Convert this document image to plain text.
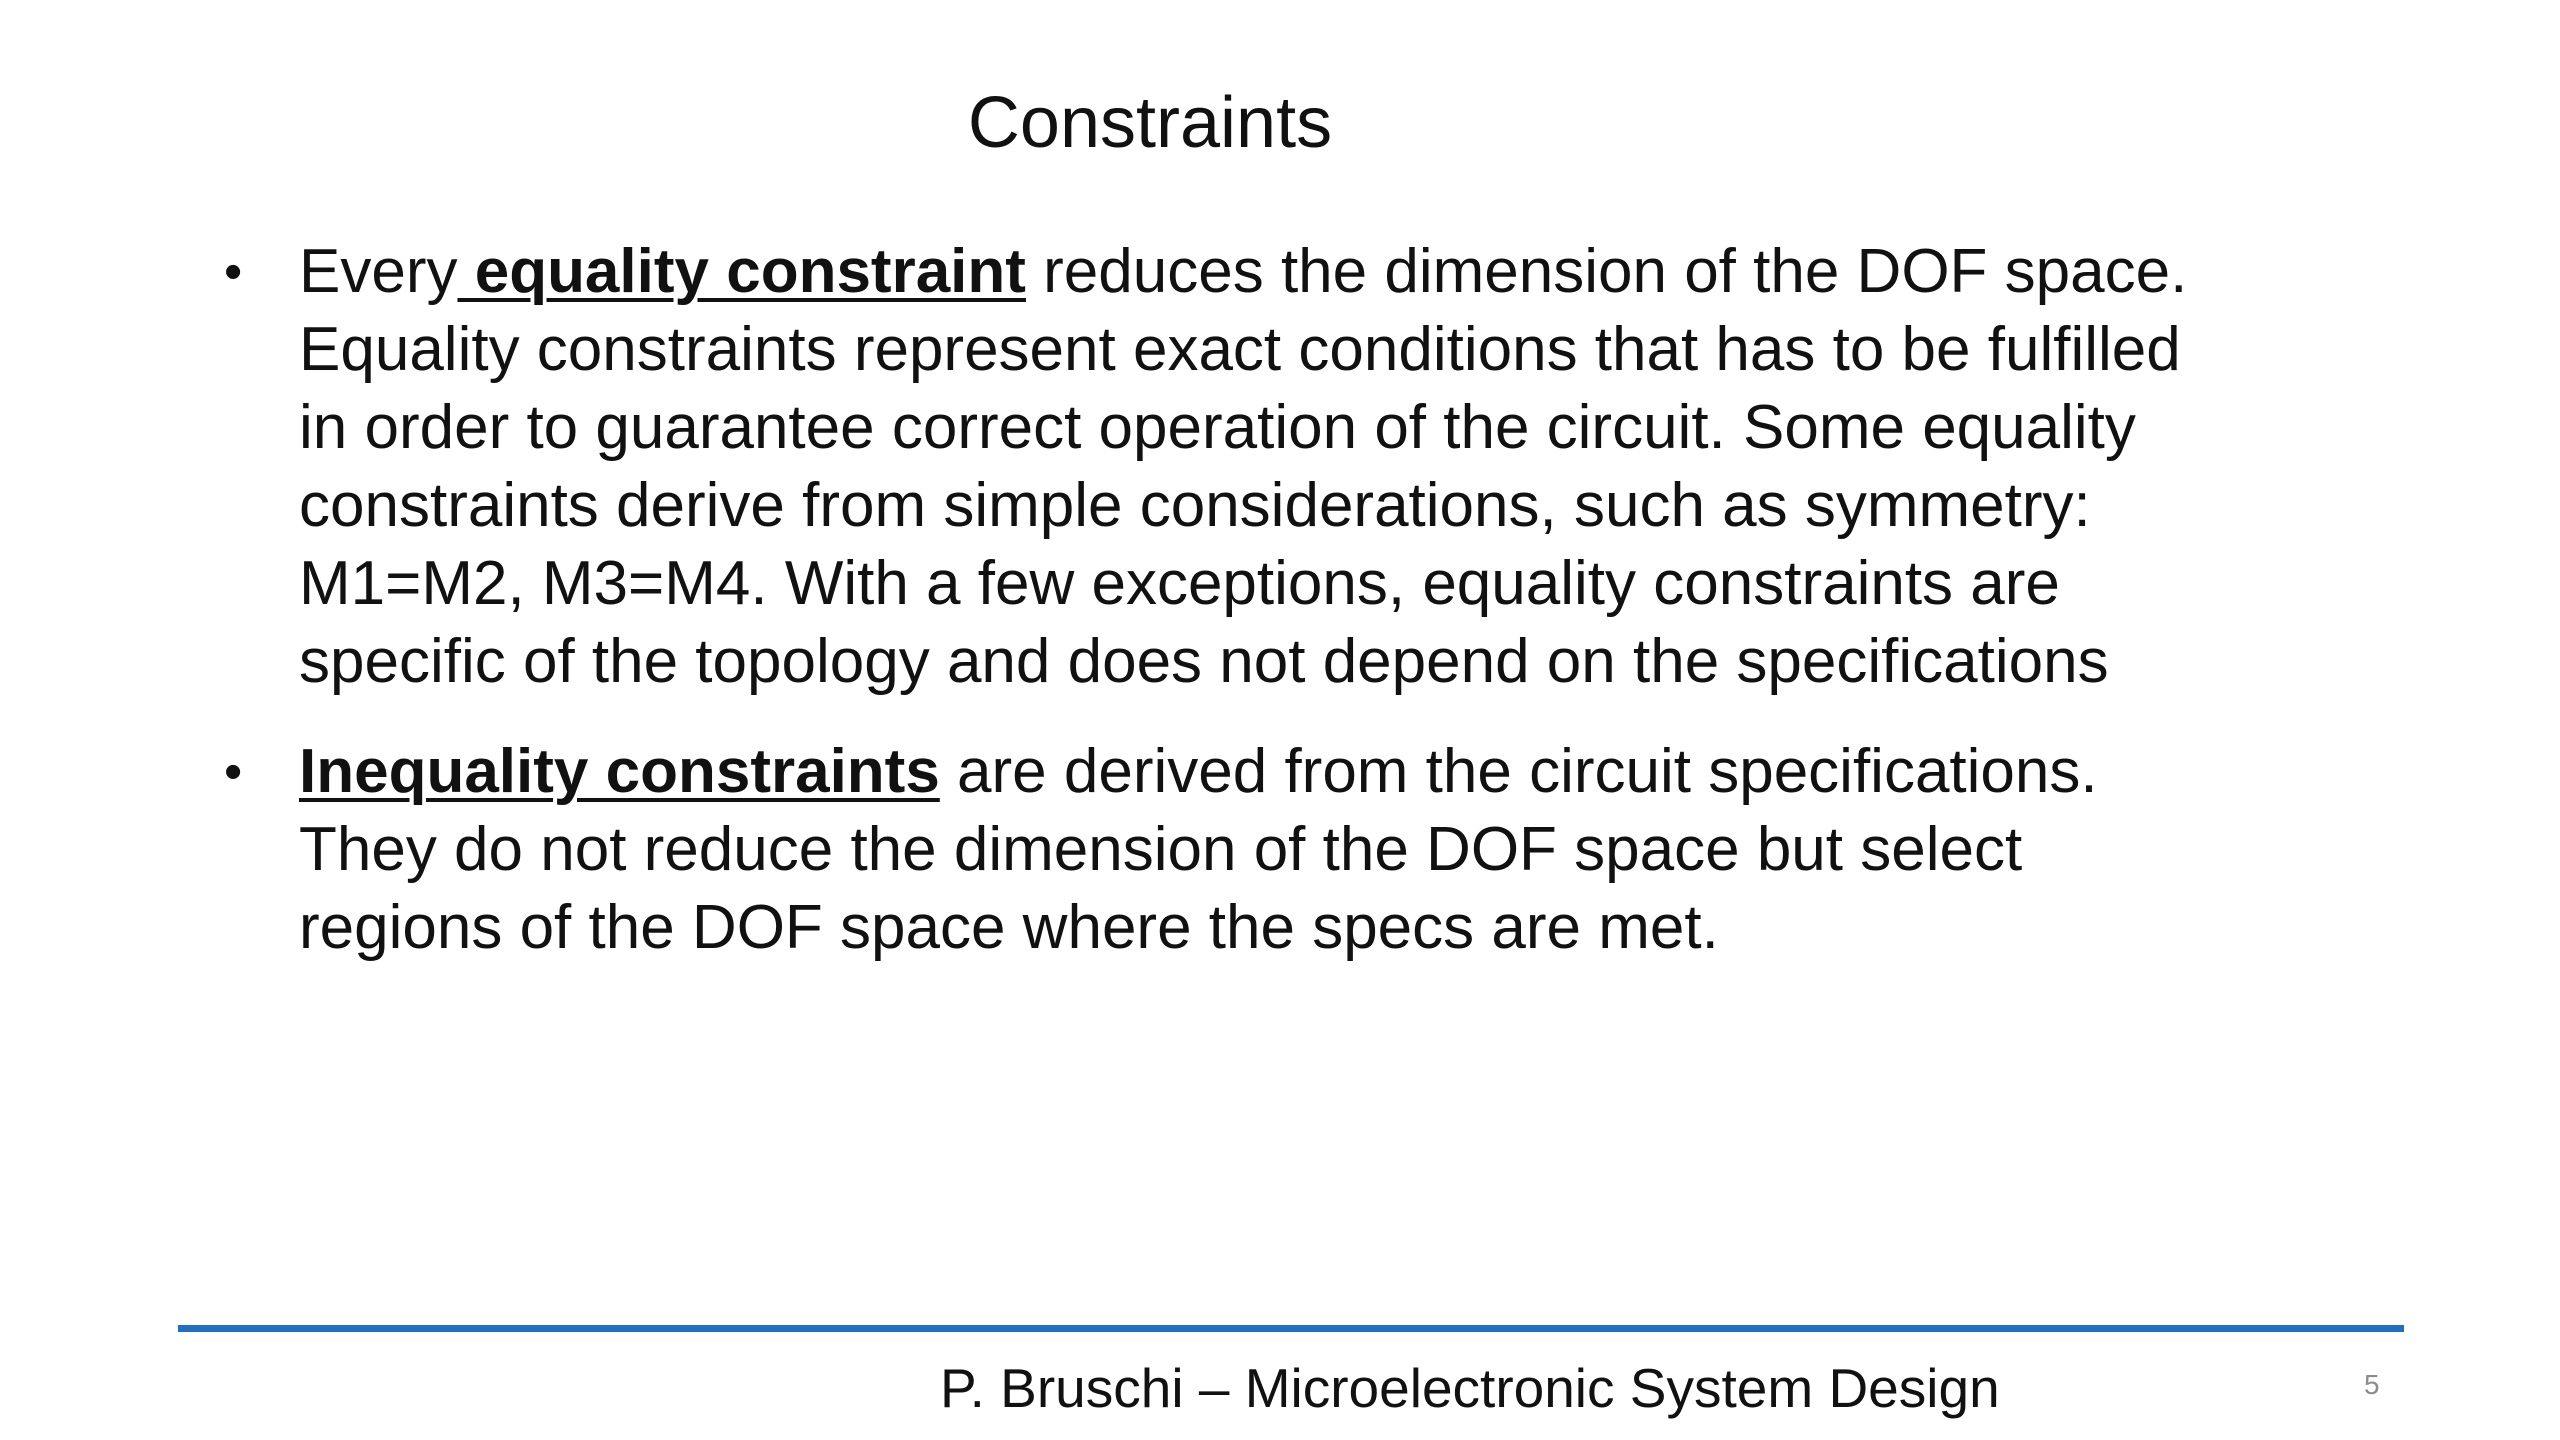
Constraints
• Every equality constraint reduces the dimension of the DOF space. Equality constraints represent exact conditions that has to be fulfilled in order to guarantee correct operation of the circuit. Some equality constraints derive from simple considerations, such as symmetry: M1=M2, M3=M4. With a few exceptions, equality constraints are specific of the topology and does not depend on the specifications
• Inequality constraints are derived from the circuit specifications. They do not reduce the dimension of the DOF space but select regions of the DOF space where the specs are met.
P. Bruschi – Microelectronic System Design	5
